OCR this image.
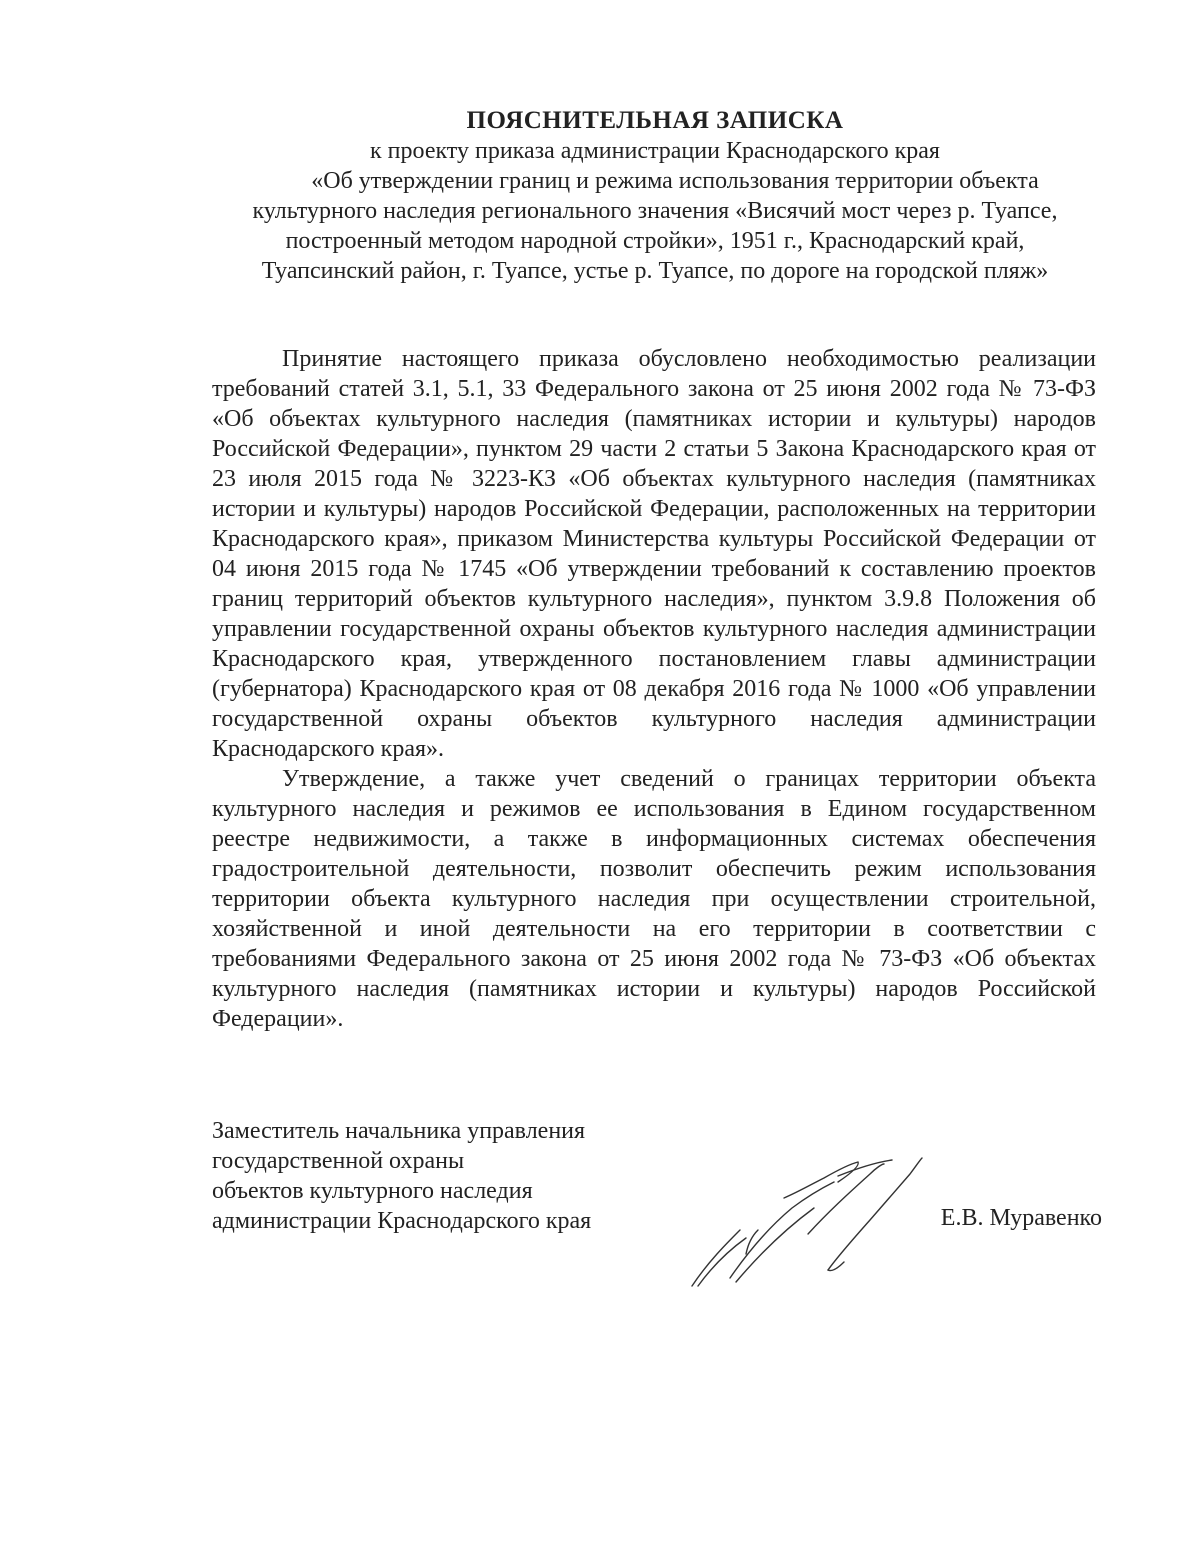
ПОЯСНИТЕЛЬНАЯ ЗАПИСКА

к проекту приказа администрации Краснодарского края

«Об утверждении границ и режима использования территории объекта

культурного наследия регионального значения «Висячий мост через р. Туапсе,

построенный методом народной стройки», 1951 г., Краснодарский край,

Туапсинский район, г. Туапсе, устье р. Туапсе, по дороге на городской пляж»

Принятие настоящего приказа обусловлено необходимостью реализации требований статей 3.1, 5.1, 33 Федерального закона от 25 июня 2002 года № 73-ФЗ «Об объектах культурного наследия (памятниках истории и культуры) народов Российской Федерации», пунктом 29 части 2 статьи 5 Закона Краснодарского края от 23 июля 2015 года № 3223-КЗ «Об объектах культурного наследия (памятниках истории и культуры) народов Российской Федерации, расположенных на территории Краснодарского края», приказом Министерства культуры Российской Федерации от 04 июня 2015 года № 1745 «Об утверждении требований к составлению проектов границ территорий объектов культурного наследия», пунктом 3.9.8 Положения об управлении государственной охраны объектов культурного наследия администрации Краснодарского края, утвержденного постановлением главы администрации (губернатора) Краснодарского края от 08 декабря 2016 года № 1000 «Об управлении государственной охраны объектов культурного наследия администрации Краснодарского края».

Утверждение, а также учет сведений о границах территории объекта культурного наследия и режимов ее использования в Едином государственном реестре недвижимости, а также в информационных системах обеспечения градостроительной деятельности, позволит обеспечить режим использования территории объекта культурного наследия при осуществлении строительной, хозяйственной и иной деятельности на его территории в соответствии с требованиями Федерального закона от 25 июня 2002 года № 73-ФЗ «Об объектах культурного наследия (памятниках истории и культуры) народов Российской Федерации».

Заместитель начальника управления

государственной охраны

объектов культурного наследия

администрации Краснодарского края	Е.В. Муравенко
